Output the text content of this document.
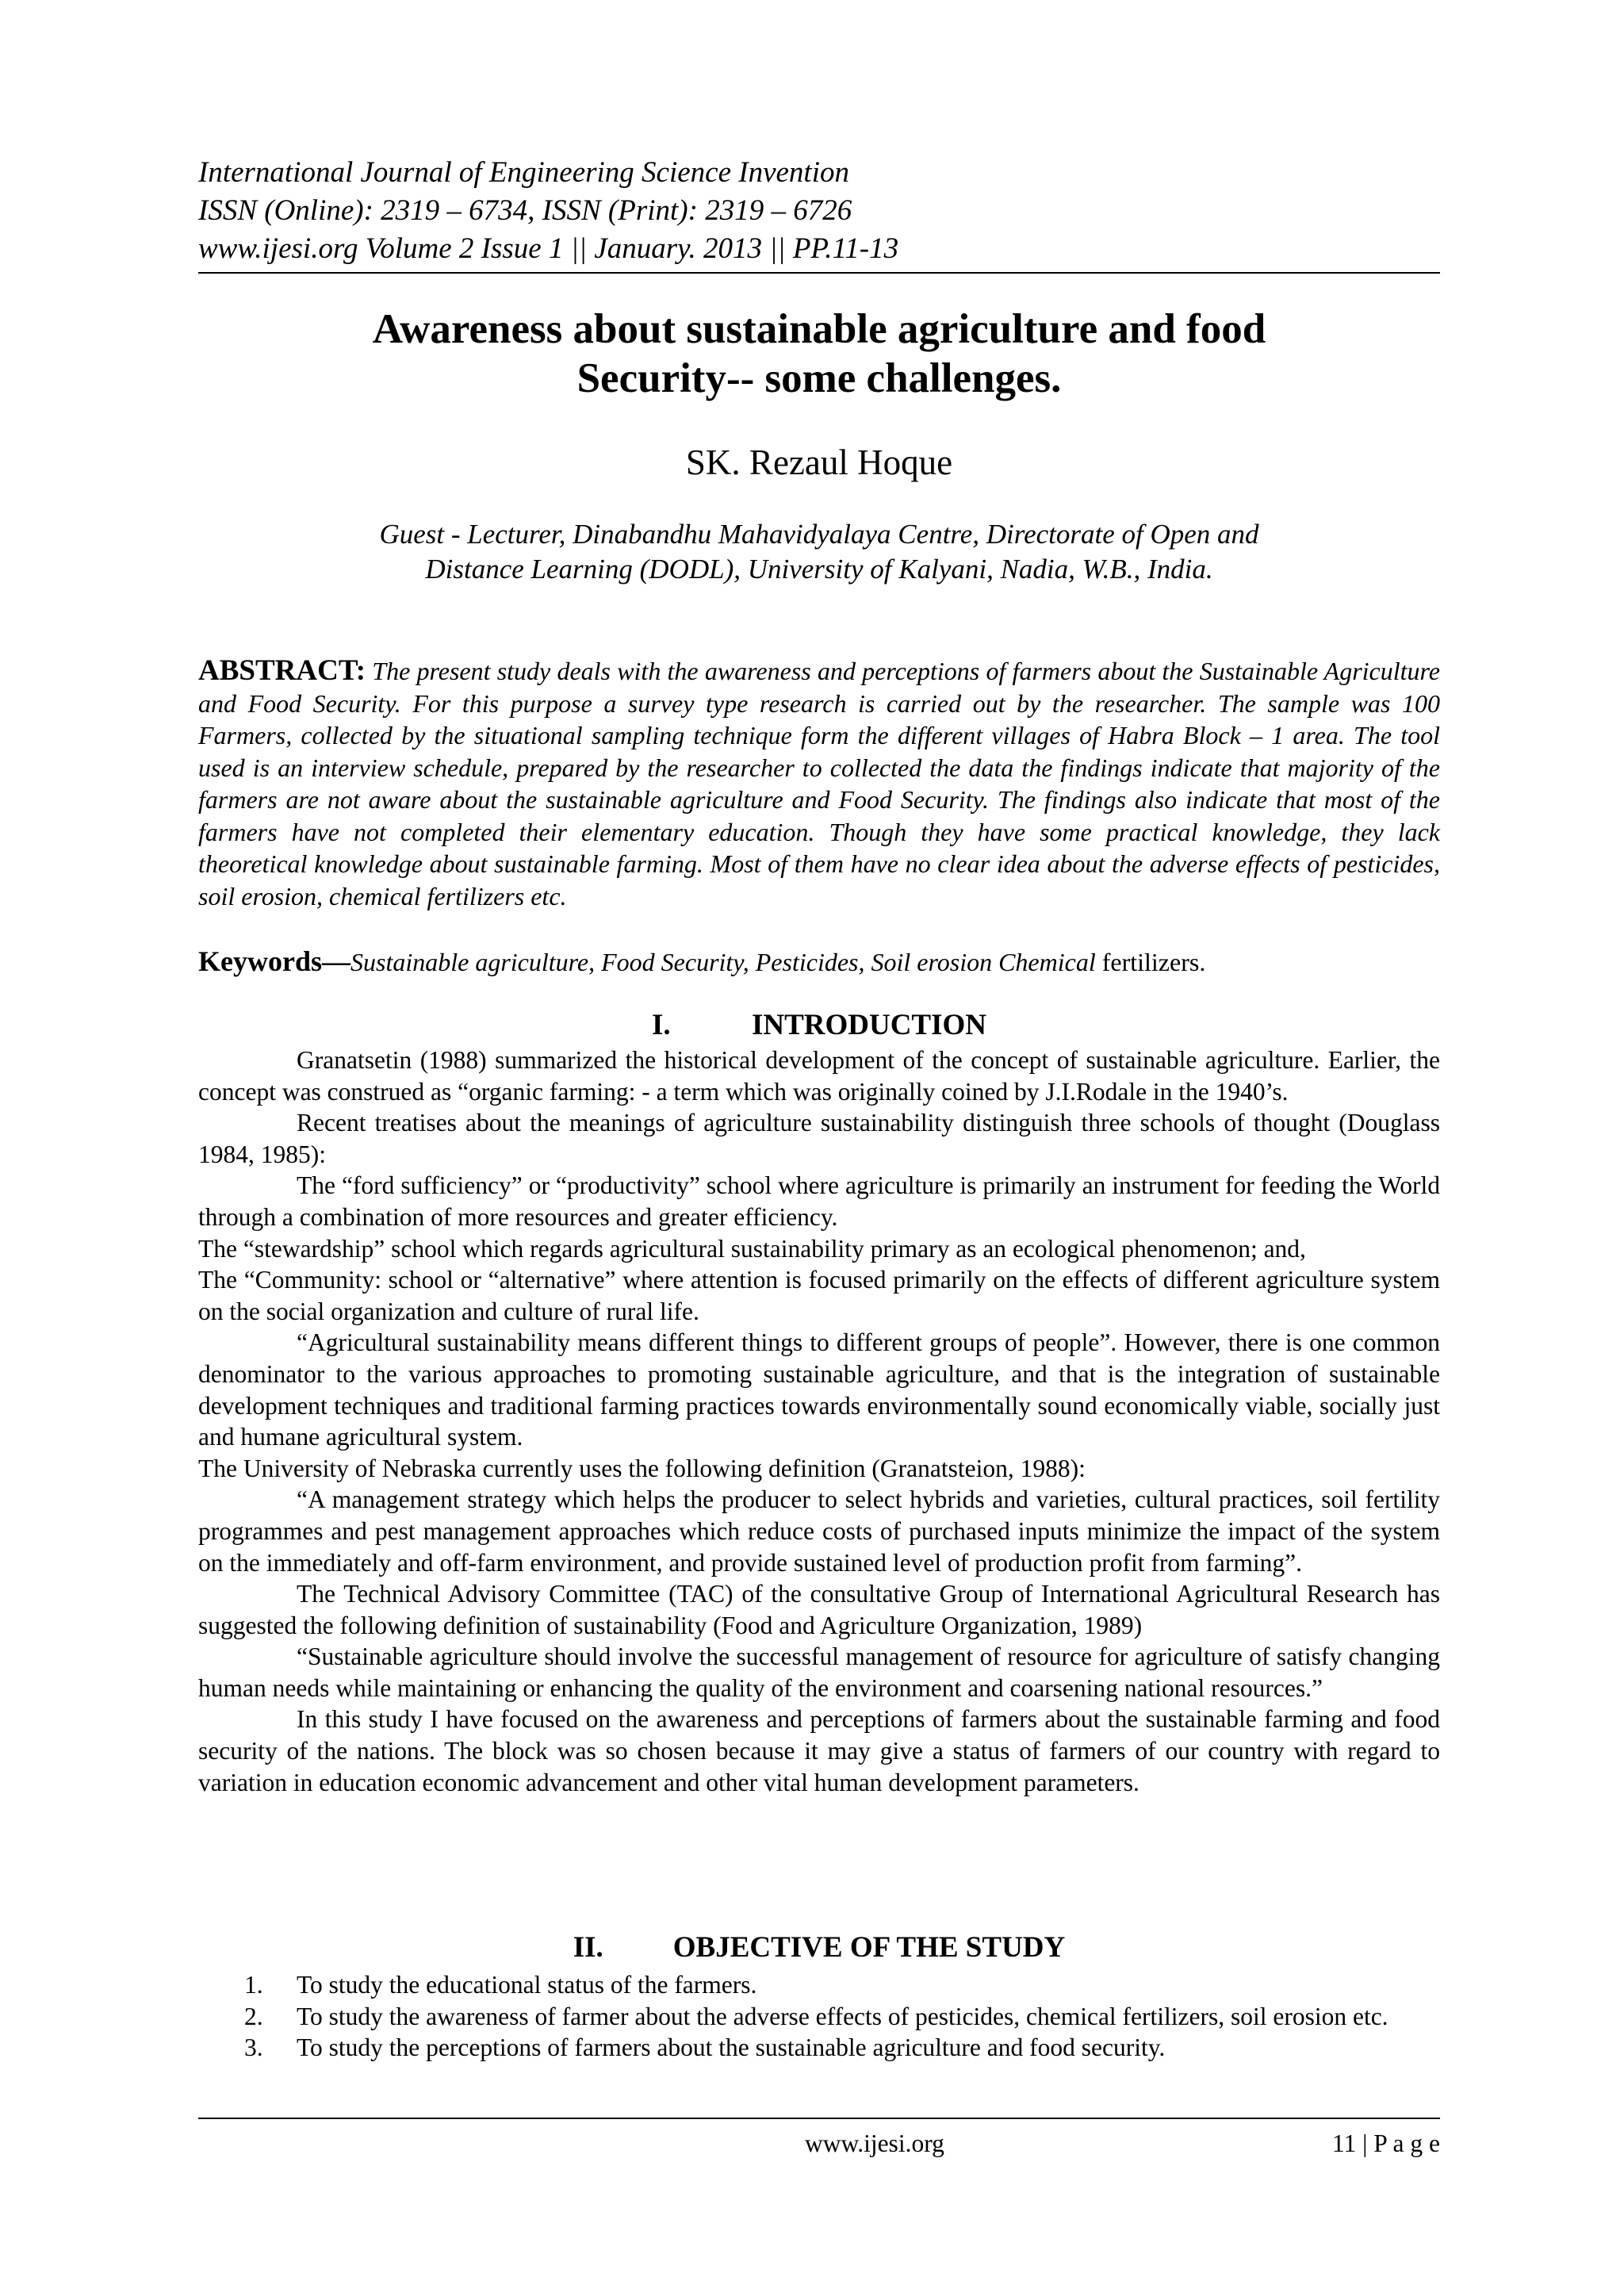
International Journal of Engineering Science Invention
ISSN (Online): 2319 – 6734, ISSN (Print): 2319 – 6726
www.ijesi.org Volume 2 Issue 1 || January. 2013 || PP.11-13
Awareness about sustainable agriculture and food
Security-- some challenges.
SK. Rezaul Hoque
Guest - Lecturer, Dinabandhu Mahavidyalaya Centre, Directorate of Open and
Distance Learning (DODL), University of Kalyani, Nadia, W.B., India.
ABSTRACT: The present study deals with the awareness and perceptions of farmers about the Sustainable Agriculture and Food Security. For this purpose a survey type research is carried out by the researcher. The sample was 100 Farmers, collected by the situational sampling technique form the different villages of Habra Block – 1 area. The tool used is an interview schedule, prepared by the researcher to collected the data the findings indicate that majority of the farmers are not aware about the sustainable agriculture and Food Security. The findings also indicate that most of the farmers have not completed their elementary education. Though they have some practical knowledge, they lack theoretical knowledge about sustainable farming. Most of them have no clear idea about the adverse effects of pesticides, soil erosion, chemical fertilizers etc.
Keywords—Sustainable agriculture, Food Security, Pesticides, Soil erosion Chemical fertilizers.
I.	INTRODUCTION

Granatsetin (1988) summarized the historical development of the concept of sustainable agriculture. Earlier, the concept was construed as “organic farming: - a term which was originally coined by J.I.Rodale in the 1940’s.

Recent treatises about the meanings of agriculture sustainability distinguish three schools of thought (Douglass 1984, 1985):

The “ford sufficiency” or “productivity” school where agriculture is primarily an instrument for feeding the World through a combination of more resources and greater efficiency.

The “stewardship” school which regards agricultural sustainability primary as an ecological phenomenon; and,

The “Community: school or “alternative” where attention is focused primarily on the effects of different agriculture system on the social organization and culture of rural life.

“Agricultural sustainability means different things to different groups of people”. However, there is one common denominator to the various approaches to promoting sustainable agriculture, and that is the integration of sustainable development techniques and traditional farming practices towards environmentally sound economically viable, socially just and humane agricultural system.

The University of Nebraska currently uses the following definition (Granatsteion, 1988):

“A management strategy which helps the producer to select hybrids and varieties, cultural practices, soil fertility programmes and pest management approaches which reduce costs of purchased inputs minimize the impact of the system on the immediately and off-farm environment, and provide sustained level of production profit from farming”.

The Technical Advisory Committee (TAC) of the consultative Group of International Agricultural Research has suggested the following definition of sustainability (Food and Agriculture Organization, 1989)

“Sustainable agriculture should involve the successful management of resource for agriculture of satisfy changing human needs while maintaining or enhancing the quality of the environment and coarsening national resources.”

In this study I have focused on the awareness and perceptions of farmers about the sustainable farming and food security of the nations. The block was so chosen because it may give a status of farmers of our country with regard to variation in education economic advancement and other vital human development parameters.

II. OBJECTIVE OF THE STUDY
1. To study the educational status of the farmers.
2. To study the awareness of farmer about the adverse effects of pesticides, chemical fertilizers, soil erosion etc.
3. To study the perceptions of farmers about the sustainable agriculture and food security.
www.ijesi.org	11 | P a g e
